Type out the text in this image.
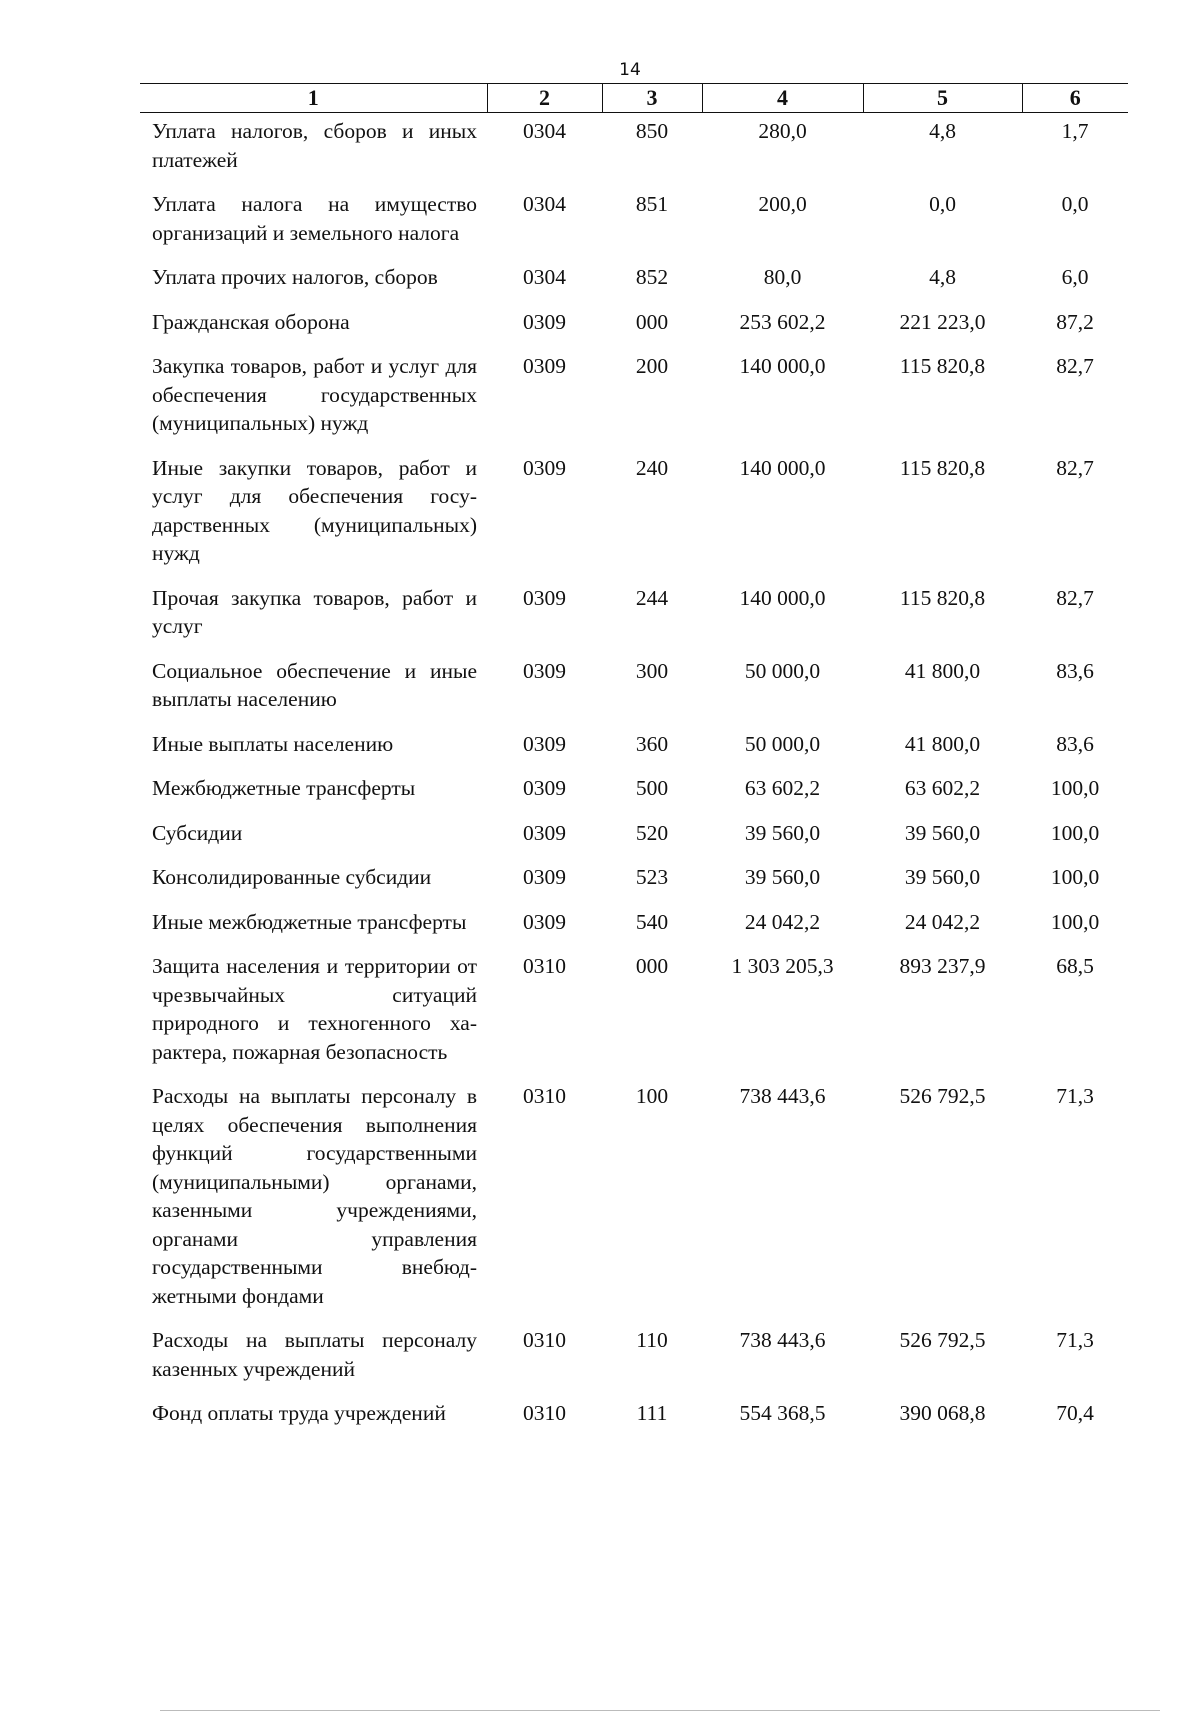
14
1	2	3	4	5	6
Уплата налогов, сборов и иных платежей	0304	850	280,0	4,8	1,7
Уплата налога на имущество организаций и земельного налога	0304	851	200,0	0,0	0,0
Уплата прочих налогов, сборов	0304	852	80,0	4,8	6,0
Гражданская оборона	0309	000	253 602,2	221 223,0	87,2
Закупка товаров, работ и услуг для обеспечения государственных (муниципальных) нужд	0309	200	140 000,0	115 820,8	82,7
Иные закупки товаров, работ и услуг для обеспечения государственных (муниципальных) нужд	0309	240	140 000,0	115 820,8	82,7
Прочая закупка товаров, работ и услуг	0309	244	140 000,0	115 820,8	82,7
Социальное обеспечение и иные выплаты населению	0309	300	50 000,0	41 800,0	83,6
Иные выплаты населению	0309	360	50 000,0	41 800,0	83,6
Межбюджетные трансферты	0309	500	63 602,2	63 602,2	100,0
Субсидии	0309	520	39 560,0	39 560,0	100,0
Консолидированные субсидии	0309	523	39 560,0	39 560,0	100,0
Иные межбюджетные трансферты	0309	540	24 042,2	24 042,2	100,0
Защита населения и территории от чрезвычайных ситуаций природного и техногенного характера, пожарная безопасность	0310	000	1 303 205,3	893 237,9	68,5
Расходы на выплаты персоналу в целях обеспечения выполнения функций государственными (муниципальными) органами, казенными учреждениями, органами управления государственными внебюджетными фондами	0310	100	738 443,6	526 792,5	71,3
Расходы на выплаты персоналу казенных учреждений	0310	110	738 443,6	526 792,5	71,3
Фонд оплаты труда учреждений	0310	111	554 368,5	390 068,8	70,4
